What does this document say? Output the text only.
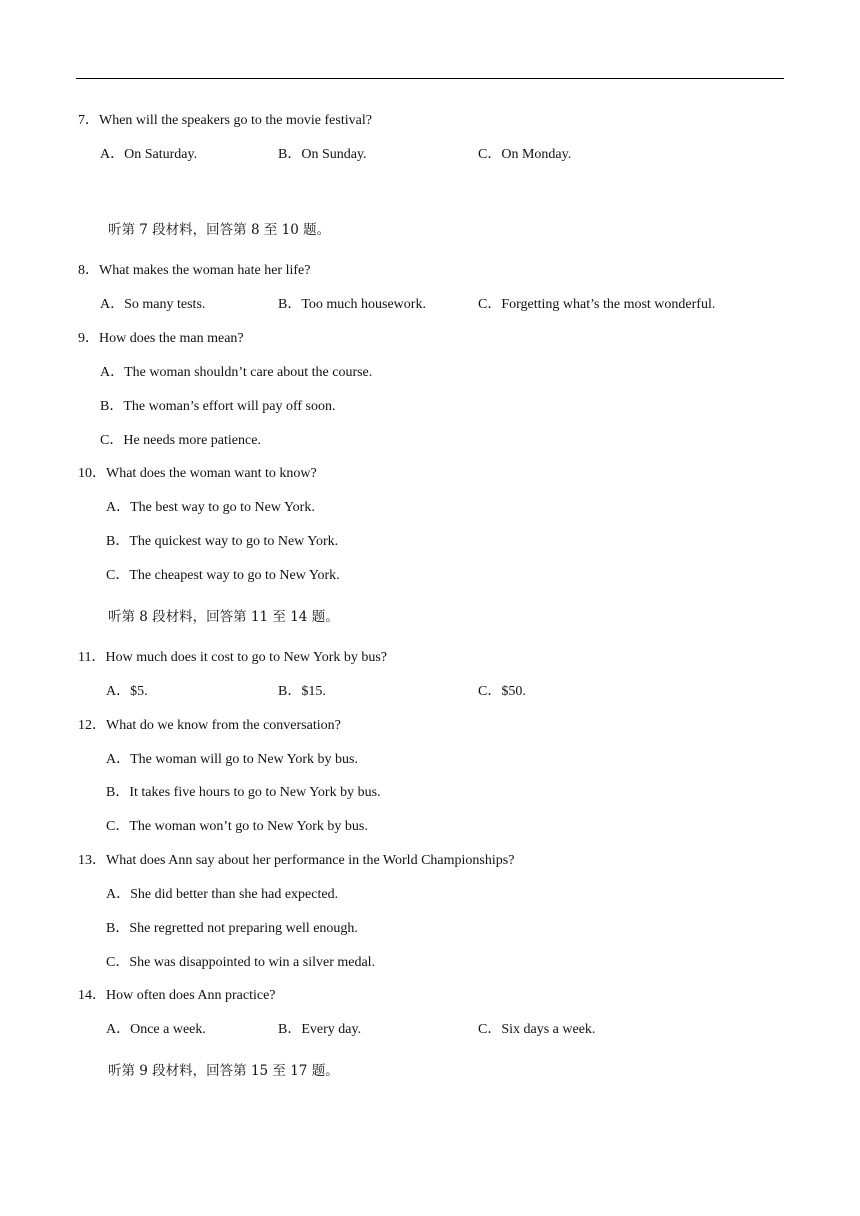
7．When will the speakers go to the movie festival?
A．On Saturday.	B．On Sunday.	C．On Monday.
听第 7 段材料，回答第 8 至 10 题。
8．What makes the woman hate her life?
A．So many tests.	B．Too much housework.	C．Forgetting what’s the most wonderful.
9．How does the man mean?
A．The woman shouldn’t care about the course.
B．The woman’s effort will pay off soon.
C．He needs more patience.
10．What does the woman want to know?
A．The best way to go to New York.
B．The quickest way to go to New York.
C．The cheapest way to go to New York.
听第 8 段材料，回答第 11 至 14 题。
11．How much does it cost to go to New York by bus?
A．$5.	B．$15.	C．$50.
12．What do we know from the conversation?
A．The woman will go to New York by bus.
B．It takes five hours to go to New York by bus.
C．The woman won’t go to New York by bus.
13．What does Ann say about her performance in the World Championships?
A．She did better than she had expected.
B．She regretted not preparing well enough.
C．She was disappointed to win a silver medal.
14．How often does Ann practice?
A．Once a week.	B．Every day.	C．Six days a week.
听第 9 段材料，回答第 15 至 17 题。
